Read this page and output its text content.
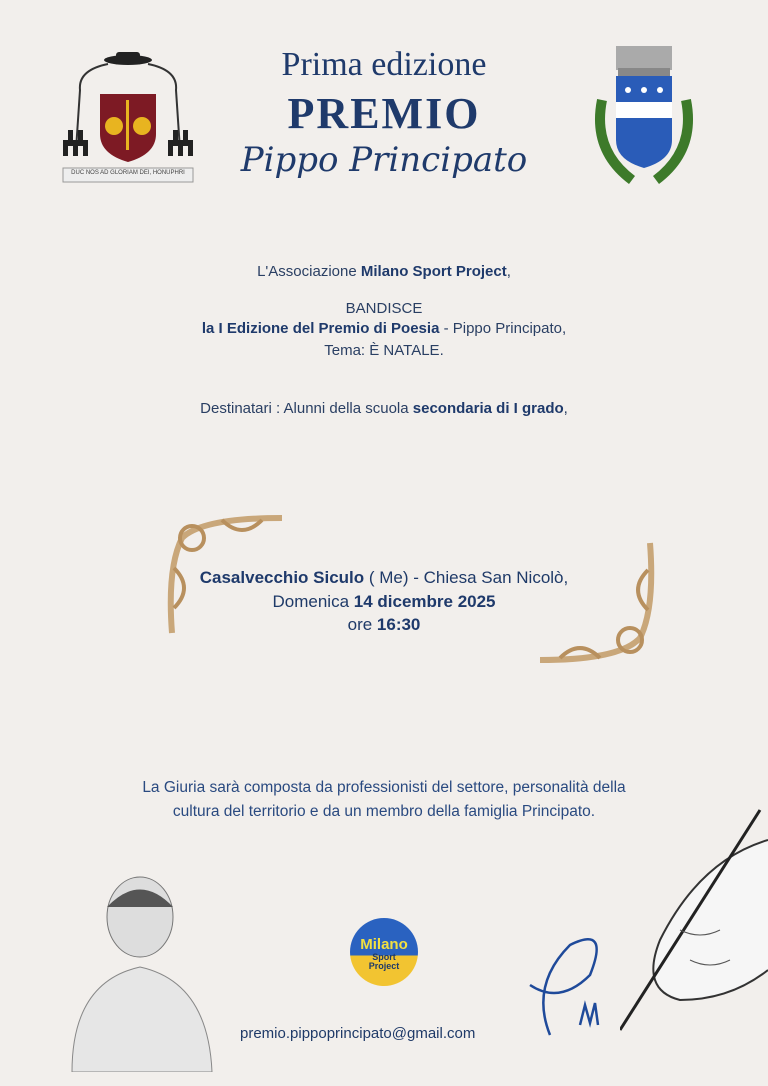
DUC NOS AD GLORIAM DEI, HONUPHRI
Prima edizione
PREMIO
Pippo Principato
L'Associazione Milano Sport Project,
BANDISCE
la I Edizione del Premio di Poesia - Pippo Principato,
Tema: È NATALE.
Destinatari : Alunni della scuola secondaria di I grado,
Casalvecchio Siculo ( Me) - Chiesa San Nicolò,
Domenica 14 dicembre 2025
ore 16:30
La Giuria sarà composta da professionisti del settore, personalità della
cultura del territorio e da un membro della famiglia Principato.
Milano
Sport
Project
premio.pippoprincipato@gmail.com
